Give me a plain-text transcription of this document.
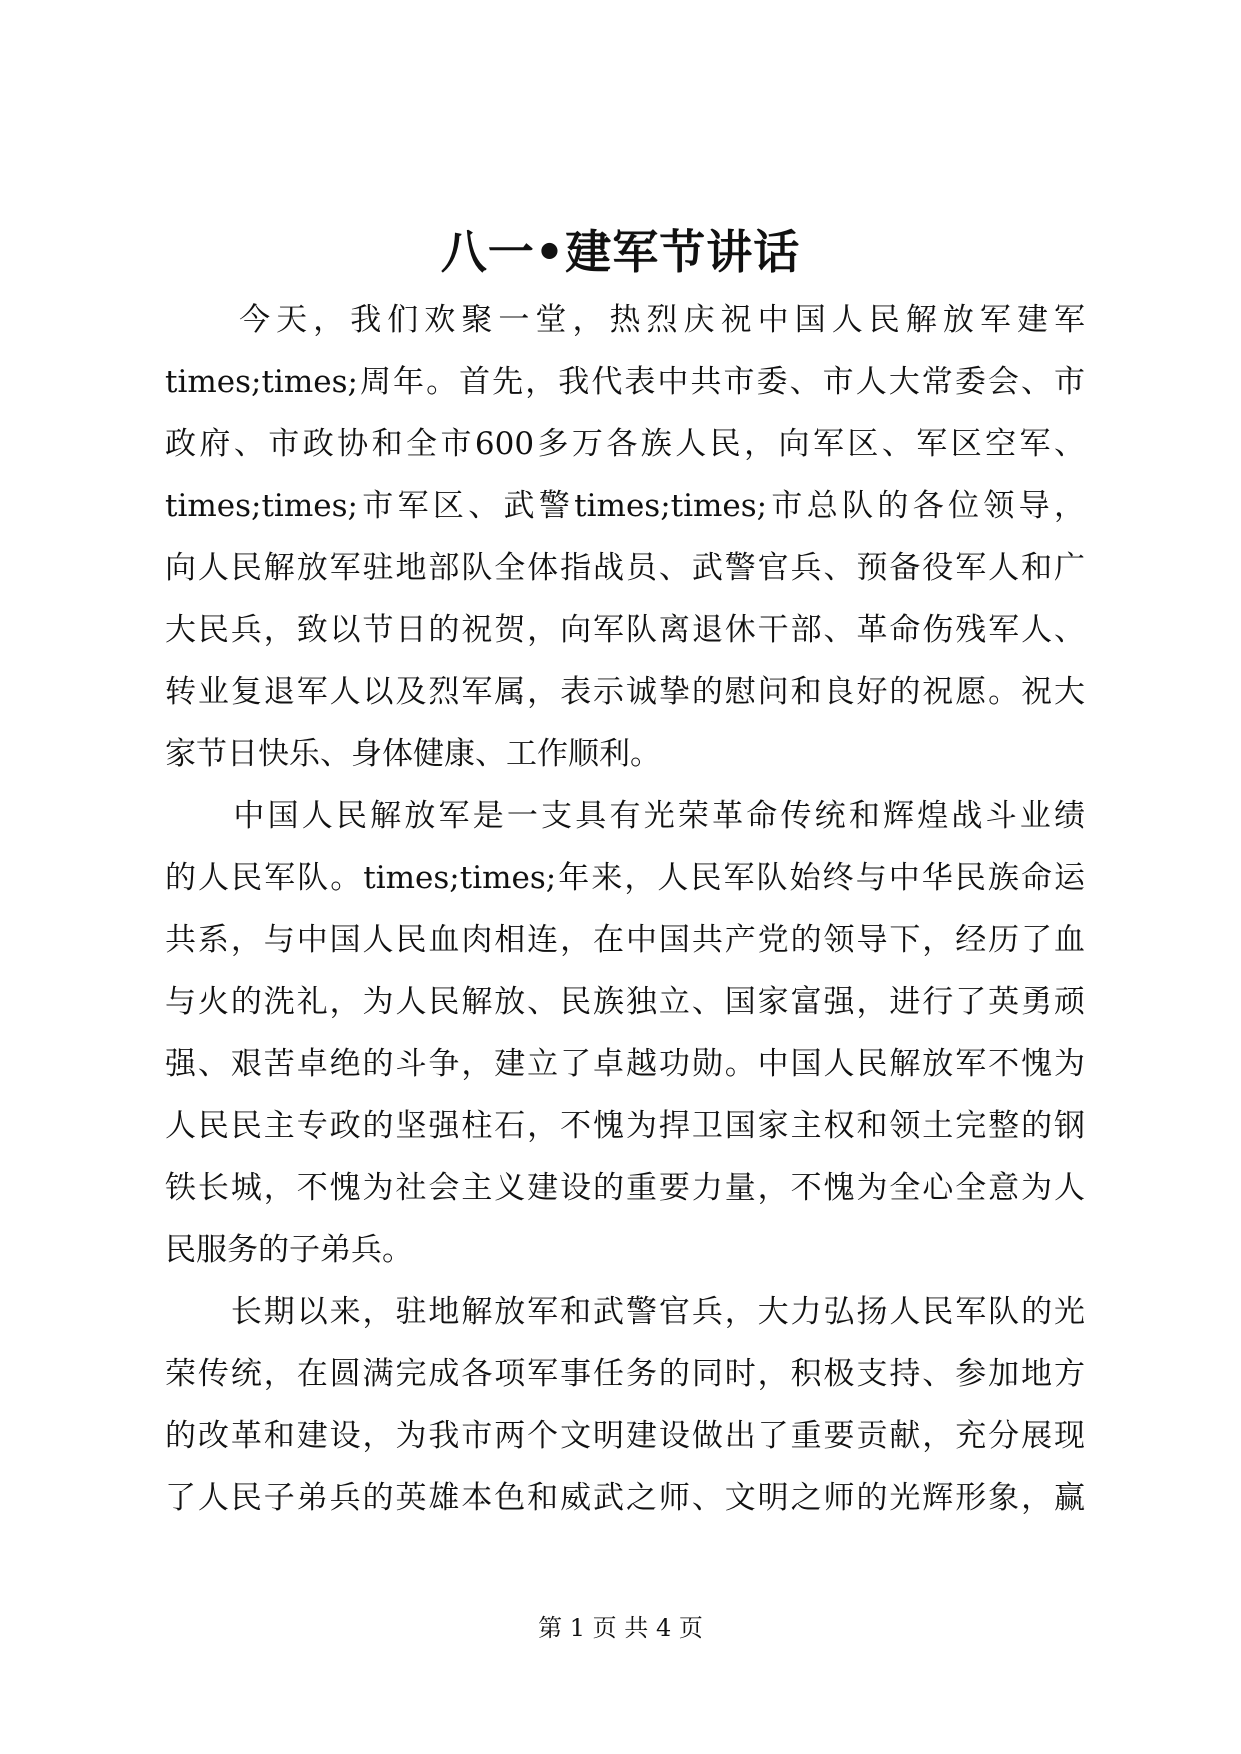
八一•建军节讲话
　　今天，我们欢聚一堂，热烈庆祝中国人民解放军建军
times;times;周年。首先，我代表中共市委、市人大常委会、市
政府、市政协和全市600多万各族人民，向军区、军区空军、
times;times;市军区、武警times;times;市总队的各位领导，
向人民解放军驻地部队全体指战员、武警官兵、预备役军人和广
大民兵，致以节日的祝贺，向军队离退休干部、革命伤残军人、
转业复退军人以及烈军属，表示诚挚的慰问和良好的祝愿。祝大
家节日快乐、身体健康、工作顺利。
　　中国人民解放军是一支具有光荣革命传统和辉煌战斗业绩
的人民军队。times;times;年来，人民军队始终与中华民族命运
共系，与中国人民血肉相连，在中国共产党的领导下，经历了血
与火的洗礼，为人民解放、民族独立、国家富强，进行了英勇顽
强、艰苦卓绝的斗争，建立了卓越功勋。中国人民解放军不愧为
人民民主专政的坚强柱石，不愧为捍卫国家主权和领土完整的钢
铁长城，不愧为社会主义建设的重要力量，不愧为全心全意为人
民服务的子弟兵。
　　长期以来，驻地解放军和武警官兵，大力弘扬人民军队的光
荣传统，在圆满完成各项军事任务的同时，积极支持、参加地方
的改革和建设，为我市两个文明建设做出了重要贡献，充分展现
了人民子弟兵的英雄本色和威武之师、文明之师的光辉形象，赢
第 1 页 共 4 页
